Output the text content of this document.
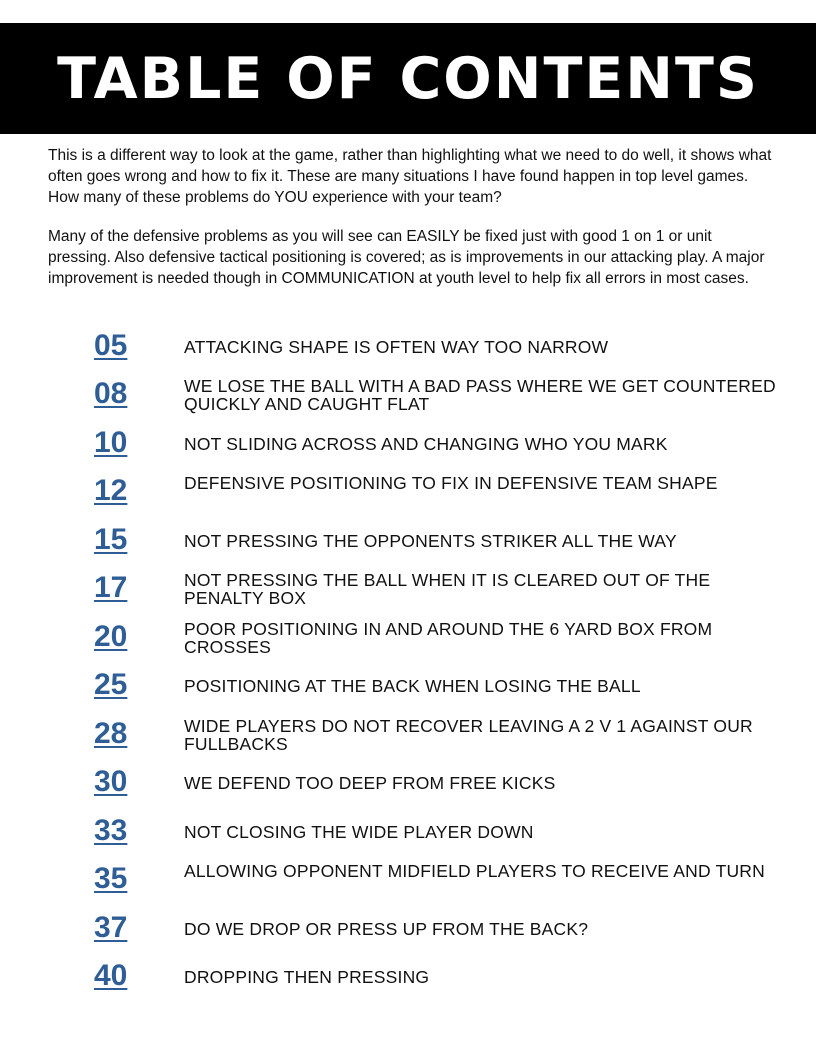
TABLE OF CONTENTS

This is a different way to look at the game, rather than highlighting what we need to do well, it shows what often goes wrong and how to fix it. These are many situations I have found happen in top level games. How many of these problems do YOU experience with your team?

Many of the defensive problems as you will see can EASILY be fixed just with good 1 on 1 or unit pressing. Also defensive tactical positioning is covered; as is improvements in our attacking play. A major improvement is needed though in COMMUNICATION at youth level to help fix all errors in most cases.

05	ATTACKING SHAPE IS OFTEN WAY TOO NARROW
08	WE LOSE THE BALL WITH A BAD PASS WHERE WE GET COUNTERED QUICKLY AND CAUGHT FLAT
10	NOT SLIDING ACROSS AND CHANGING WHO YOU MARK
12	DEFENSIVE POSITIONING TO FIX IN DEFENSIVE TEAM SHAPE
15	NOT PRESSING THE OPPONENTS STRIKER ALL THE WAY
17	NOT PRESSING THE BALL WHEN IT IS CLEARED OUT OF THE PENALTY BOX
20	POOR POSITIONING IN AND AROUND THE 6 YARD BOX FROM CROSSES
25	POSITIONING AT THE BACK WHEN LOSING THE BALL
28	WIDE PLAYERS DO NOT RECOVER LEAVING A 2 V 1 AGAINST OUR FULLBACKS
30	WE DEFEND TOO DEEP FROM FREE KICKS
33	NOT CLOSING THE WIDE PLAYER DOWN
35	ALLOWING OPPONENT MIDFIELD PLAYERS TO RECEIVE AND TURN
37	DO WE DROP OR PRESS UP FROM THE BACK?
40	DROPPING THEN PRESSING
